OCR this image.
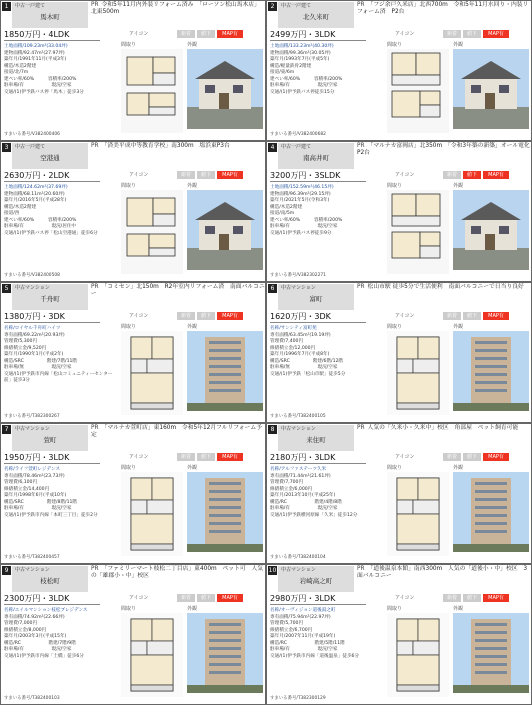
1	中古一戸建て
馬木町
PR 令和5年11月内外装リフォーム済み　「ローソン松山馬木店」北東500m
1850万円・4LDK	アイコン	新着	値下	MAP有
土地面積/109.23m²(33.04坪)
建物面積/92.47m²(27.97坪)
築年月/1991年11月(平成3年)
構造/木造2階建
接道/北/7m
建ぺい率/60%　　　容積率/200%
駐車場/有　　　　　　現況/空家
交通/(1)伊予鉄バス停「馬木」徒歩3分
間取り	外観
すまいる番号/V382400406
2	中古一戸建て
北久米町
PR 「フジ余戸久米店」北西700m　令和5年11月水回り・内装リフォーム済　P2台
2499万円・3LDK	アイコン	新着	値下	MAP有
土地面積/133.23m²(40.30坪)
建物面積/99.36m²(30.05坪)
築年月/1993年7月(平成5年)
構造/軽量鉄骨2階建
接道/東/6m
建ぺい率/60%　　　容積率/200%
駐車場/有　　　　　　現況/空家
交通/(1)伊予鉄バス停徒歩15分
間取り	外観
すまいる番号/V382400682
3	中古一戸建て
空港通
PR 「済美平成中等教育学校」南300m　塩浜東P3台
2630万円・2LDK	アイコン	新着	値下	MAP有
土地面積/124.62m²(37.69坪)
建物面積/68.11m²(20.60坪)
築年月/2016年5月(平成28年)
構造/木造2階建
接道/西
建ぺい率/60%　　　容積率/200%
駐車場/有　　　　　　現況/居住中
交通/(1)伊予鉄バス停「松山空港通」徒歩6分
間取り	外観
すまいる番号/V382400508
4	中古一戸建て
南高井町
PR 「マルナカ富岡店」北350m　「令和3年築の新築」オール電化　P2台
3200万円・3SLDK	アイコン	新着	値下	MAP有
土地面積/152.59m²(46.15坪)
建物面積/96.39m²(29.15坪)
築年月/2021年5月(令和3年)
構造/木造2階建
接道/南/5m
建ぺい率/60%　　　容積率/200%
駐車場/有　　　　　　現況/空家
交通/(1)伊予鉄バス停徒歩9分
間取り	外観
すまいる番号/V382302271
5	中古マンション
千舟町
PR 「コミセン」北150m　R2年室内リフォーム済　南面バルコニー
1380万円・3DK	アイコン	新着	値下	MAP有
名称/ロイヤル千舟町ハイツ
専有面積/69.22m²(20.93坪)
管理費/5,300円
修繕積立金/9,520円
築年月/1990年1月(平成2年)
構造/SRC　　　　　階建/7階/11階
駐車場/無　　　　　　現況/空家
交通/(1)伊予鉄市内線「松山コミュニティーセンター前」徒歩3分
間取り	外観
すまいる番号/T382300267
6	中古マンション
富町
PR 松山市駅 徒歩5分で生活便利　南面バルコニーで日当り良好
1620万円・3DK	アイコン	新着	値下	MAP有
名称/サンシティ富町苑
専有面積/63.45m²(19.19坪)
管理費/7,400円
修繕積立金/12,000円
築年月/1996年7月(平成8年)
構造/SRC　　　　　階建/6階/12階
駐車場/無　　　　　　現況/空家
交通/(1)伊予鉄「松山市駅」徒歩5分
間取り	外観
すまいる番号/T382400105
7	中古マンション
萱町
PR 「マルナカ萱町店」東160m　令和5年12月フルリフォーム予定
1950万円・3LDK	アイコン	新着	値下	MAP有
名称/ライフ萱町レジデンス
専有面積/78.46m²(23.73坪)
管理費/6,100円
修繕積立金/14,400円
築年月/1998年6月(平成10年)
構造/SRC　　　　　階建/8階/11階
駐車場/有　　　　　　現況/空家
交通/(1)伊予鉄市内線「本町三丁目」徒歩2分
間取り	外観
すまいる番号/T382400457
8	中古マンション
来住町
PR 人気の「久米小・久米中」校区　角部屋　ペット飼育可能
2180万円・3LDK	アイコン	新着	値下	MAP有
名称/アルファステーツ久米
専有面積/71.44m²(21.61坪)
管理費/7,700円
修繕積立金/6,000円
築年月/2013年10月(平成25年)
構造/RC　　　　　　階建/4階/8階
駐車場/有　　　　　　現況/空家
交通/(1)伊予鉄横河原線「久米」徒歩12分
間取り	外観
すまいる番号/T382400104
9	中古マンション
枝松町
PR 「ファミリーマート枝松二丁目店」東400m　ペット可　人気の「雄郡小・中」校区
2300万円・3LDK	アイコン	新着	値下	MAP有
名称/エイルマンション枝松ブレジデンス
専有面積/74.92m²(22.66坪)
管理費/7,000円
修繕積立金/8,000円
築年月/2003年3月(平成15年)
構造/RC　　　　　　階建/7階/9階
駐車場/有　　　　　　現況/空家
交通/(1)伊予鉄市内線「土橋」徒歩6分
間取り	外観
すまいる番号/T382400103
10 中古マンション
岩崎高之町
PR 「道後温泉本館」南西300m　人気の「道後小・中」校区　3面バルコニー
2980万円・3LDK	アイコン	新着	値下	MAP有
名称/オーヴィジョン道後湯之町
専有面積/75.94m²(22.97坪)
管理費/5,700円
修繕積立金/6,700円
築年月/2007年11月(平成19年)
構造/RC　　　　　　階建/5階/11階
駐車場/有　　　　　　現況/空家
交通/(1)伊予鉄市内線「道後温泉」徒歩6分
間取り	外観
すまいる番号/T382300129
